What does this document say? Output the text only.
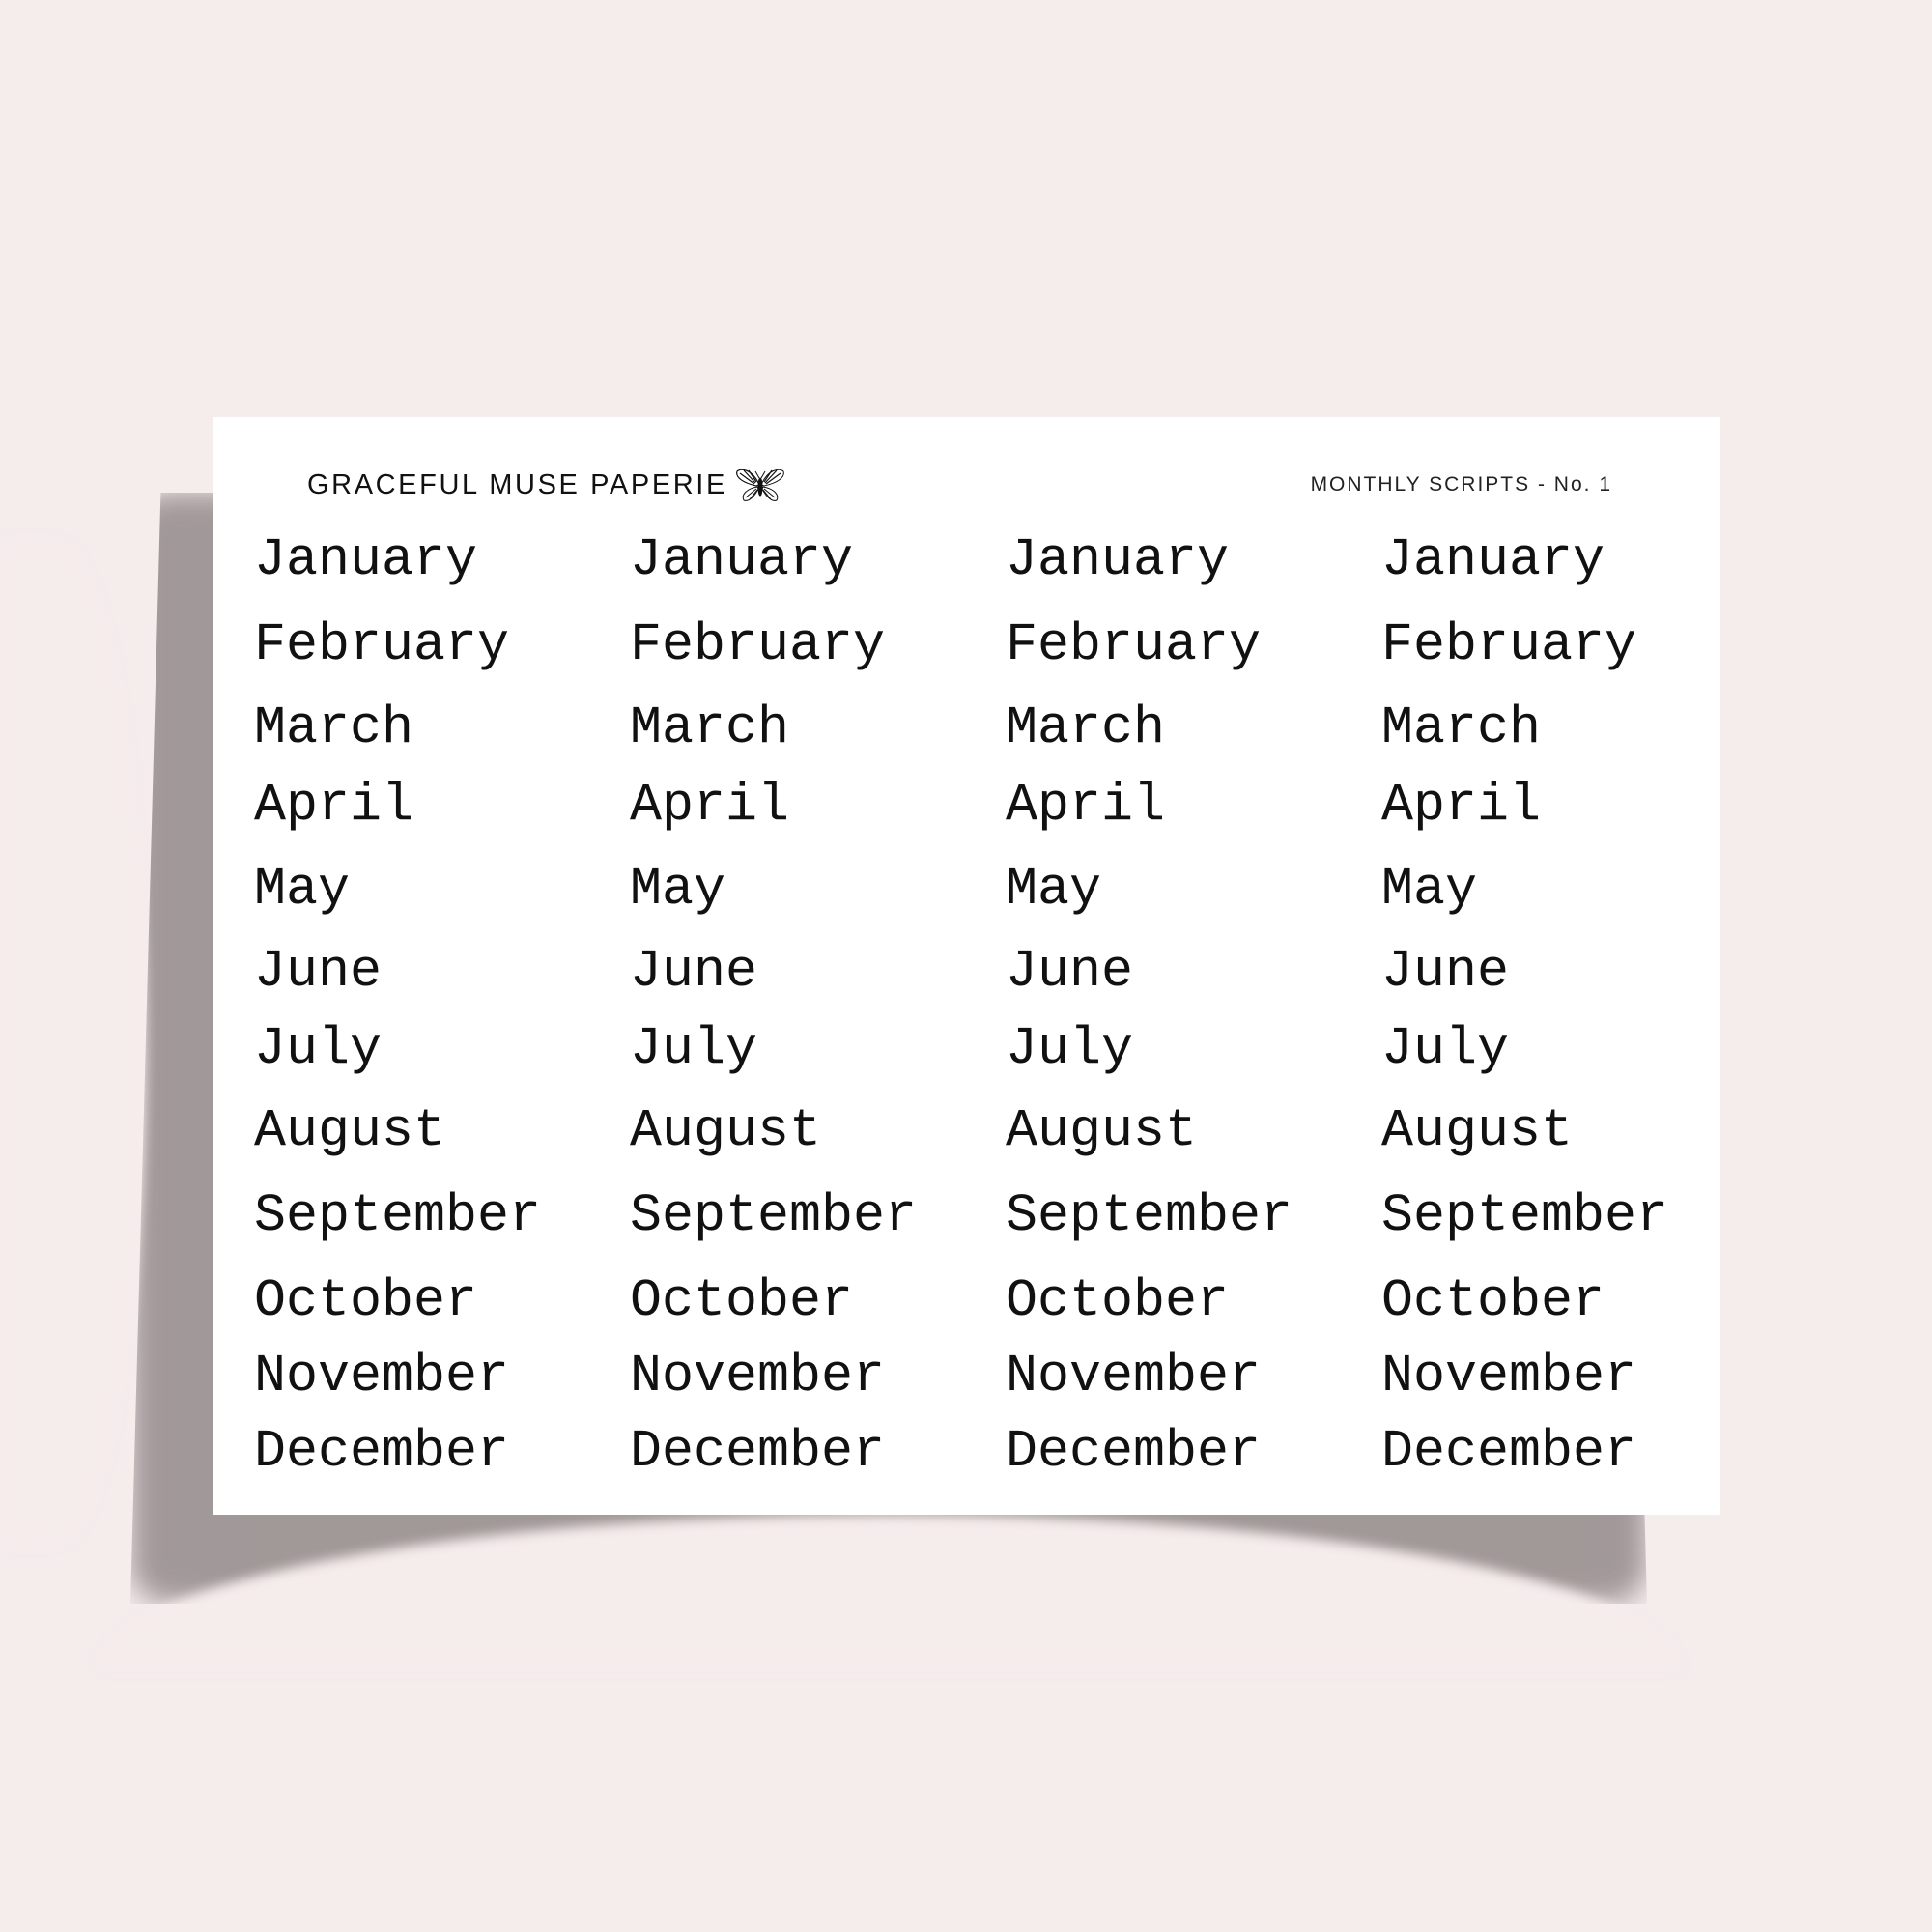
GRACEFUL MUSE PAPERIE	MONTHLY SCRIPTS - No. 1
January
February
March
April
May
June
July
August
September
October
November
December
January
February
March
April
May
June
July
August
September
October
November
December
January
February
March
April
May
June
July
August
September
October
November
December
January
February
March
April
May
June
July
August
September
October
November
December
